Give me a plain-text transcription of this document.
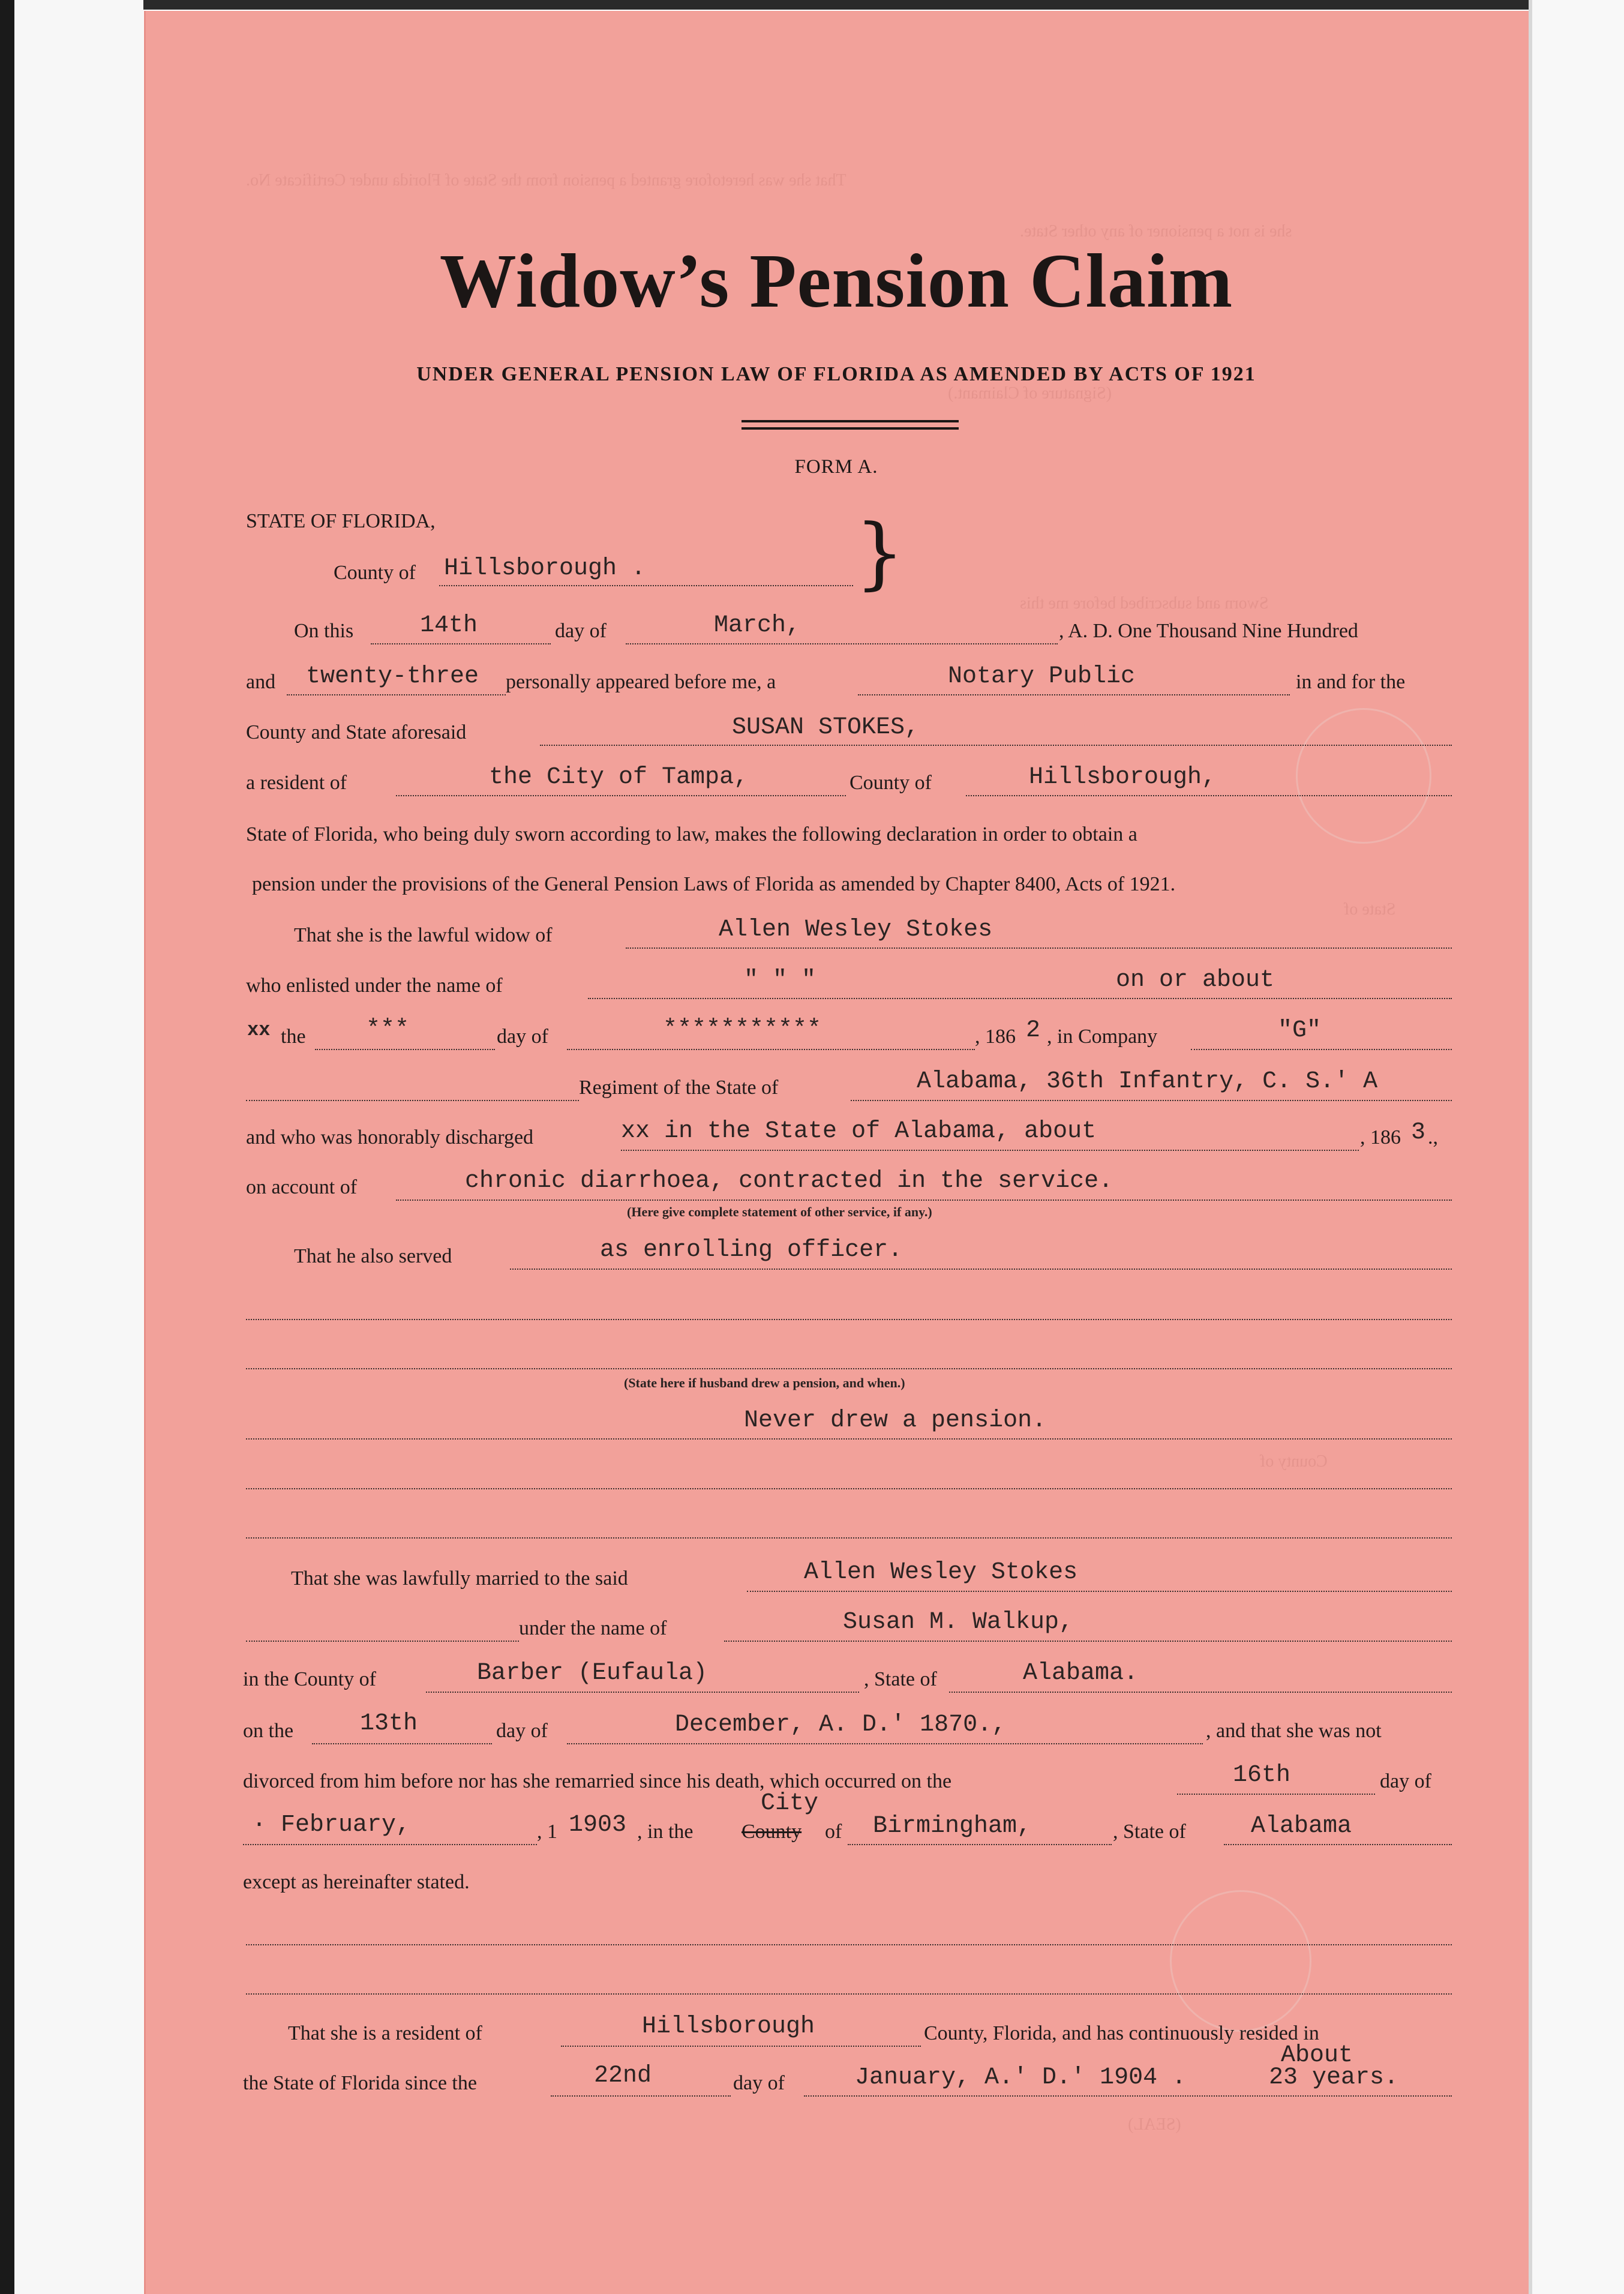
That she was heretofore granted a pension from the State of Florida under Certificate No.
she is not a pensioner of any other State.
(Signature of Claimant.)
Sworn and subscribed before me this
State of
County of
(SEAL)
Widow’s Pension Claim
UNDER GENERAL PENSION LAW OF FLORIDA AS AMENDED BY ACTS OF 1921
FORM A.
STATE OF FLORIDA,
County of Hillsborough .	}
On this	14th	day of	March,	, A. D. One Thousand Nine Hundred
and twenty-three personally appeared before me, a	Notary Public	in and for the
County and State aforesaid	SUSAN STOKES,
a resident of	the City of Tampa,	County of	Hillsborough,
State of Florida, who being duly sworn according to law, makes the following declaration in order to obtain a
pension under the provisions of the General Pension Laws of Florida as amended by Chapter 8400, Acts of 1921.
That she is the lawful widow of	Allen Wesley Stokes
who enlisted under the name of	" " "	on or about
xx the	***	day of	***********	, 186 2 , in Company	"G"
Regiment of the State of	Alabama, 36th Infantry, C. S.' A
and who was honorably discharged	xx in the State of Alabama, about	, 186 3 .,
on account of	chronic diarrhoea, contracted in the service.
(Here give complete statement of other service, if any.)
That he also served	as enrolling officer.
(State here if husband drew a pension, and when.)
Never drew a pension.
That she was lawfully married to the said	Allen Wesley Stokes
under the name of	Susan M. Walkup,
in the County of	Barber (Eufaula)	, State of	Alabama.
on the	13th	day of	December, A. D.' 1870.,	, and that she was not
divorced from him before nor has she remarried since his death, which occurred on the	16th	day of
· February,	, 1 1903 , in the County
City
of Birmingham,	, State of	Alabama
except as hereinafter stated.
That she is a resident of	Hillsborough	County, Florida, and has continuously resided in
the State of Florida since the	22nd	day of	January, A.' D.' 1904 .
About
23 years.
